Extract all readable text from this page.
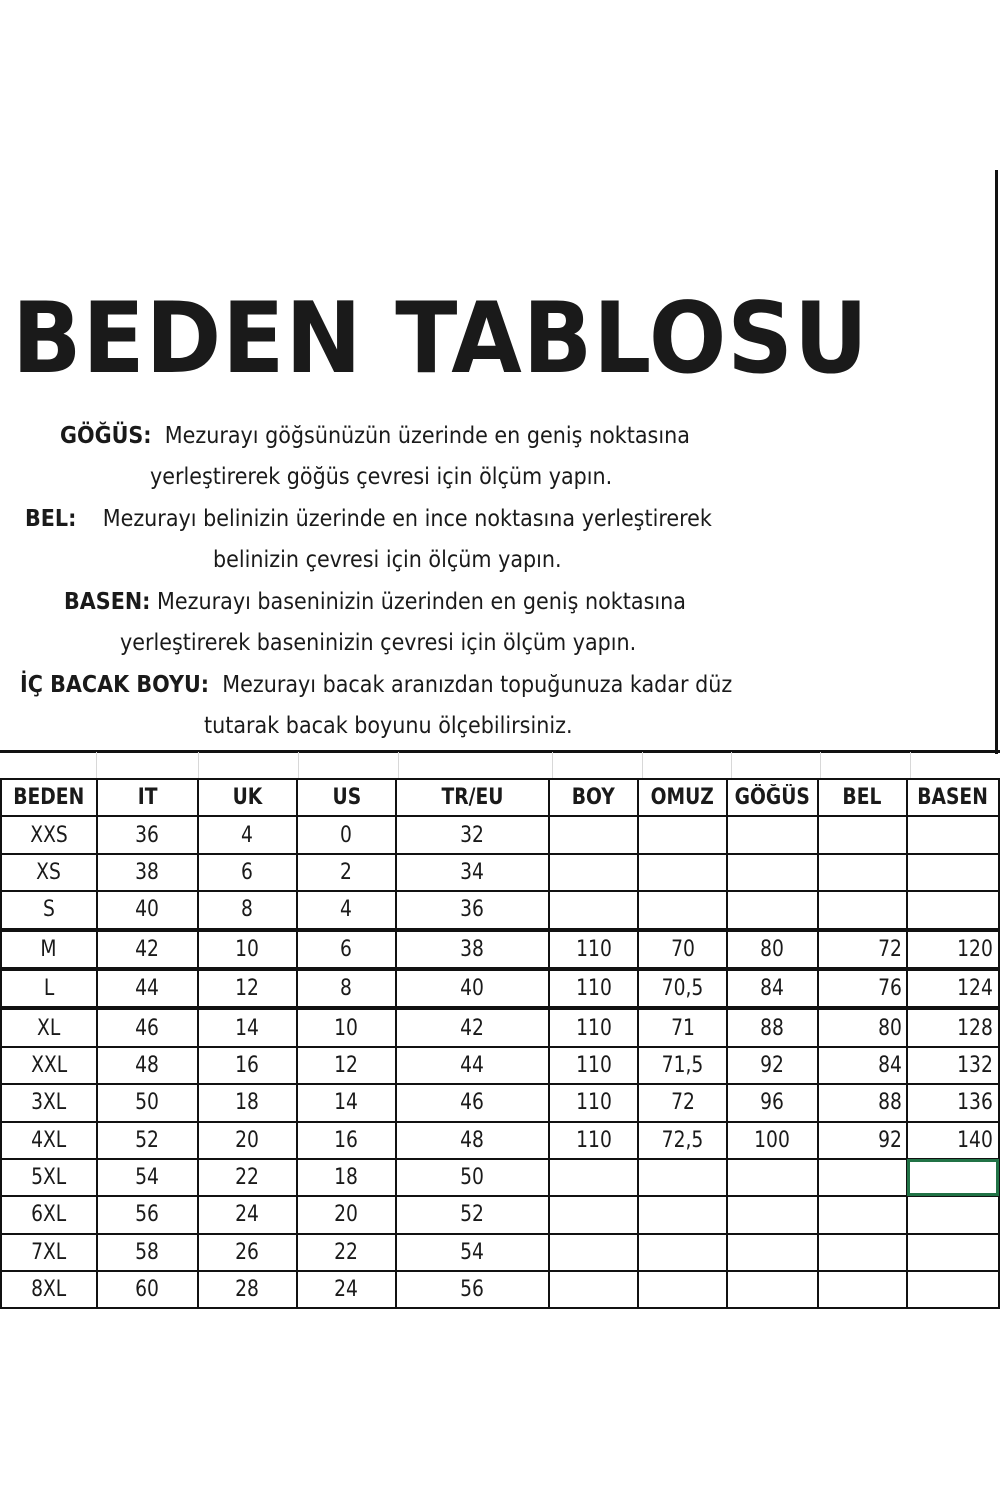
BEDEN TABLOSU
GÖĞÜS: Mezurayı göğsünüzün üzerinde en geniş noktasına
yerleştirerek göğüs çevresi için ölçüm yapın.
BEL: Mezurayı belinizin üzerinde en ince noktasına yerleştirerek
belinizin çevresi için ölçüm yapın.
BASEN: Mezurayı baseninizin üzerinden en geniş noktasına
yerleştirerek baseninizin çevresi için ölçüm yapın.
İÇ BACAK BOYU: Mezurayı bacak aranızdan topuğunuza kadar düz
tutarak bacak boyunu ölçebilirsiniz.
BEDEN	IT	UK	US	TR/EU	BOY	OMUZ	GÖĞÜS	BEL	BASEN
XXS	36	4	0	32					
XS	38	6	2	34					
S	40	8	4	36					
M	42	10	6	38	110	70	80	72	120
L	44	12	8	40	110	70,5	84	76	124
XL	46	14	10	42	110	71	88	80	128
XXL	48	16	12	44	110	71,5	92	84	132
3XL	50	18	14	46	110	72	96	88	136
4XL	52	20	16	48	110	72,5	100	92	140
5XL	54	22	18	50					
6XL	56	24	20	52					
7XL	58	26	22	54					
8XL	60	28	24	56					
